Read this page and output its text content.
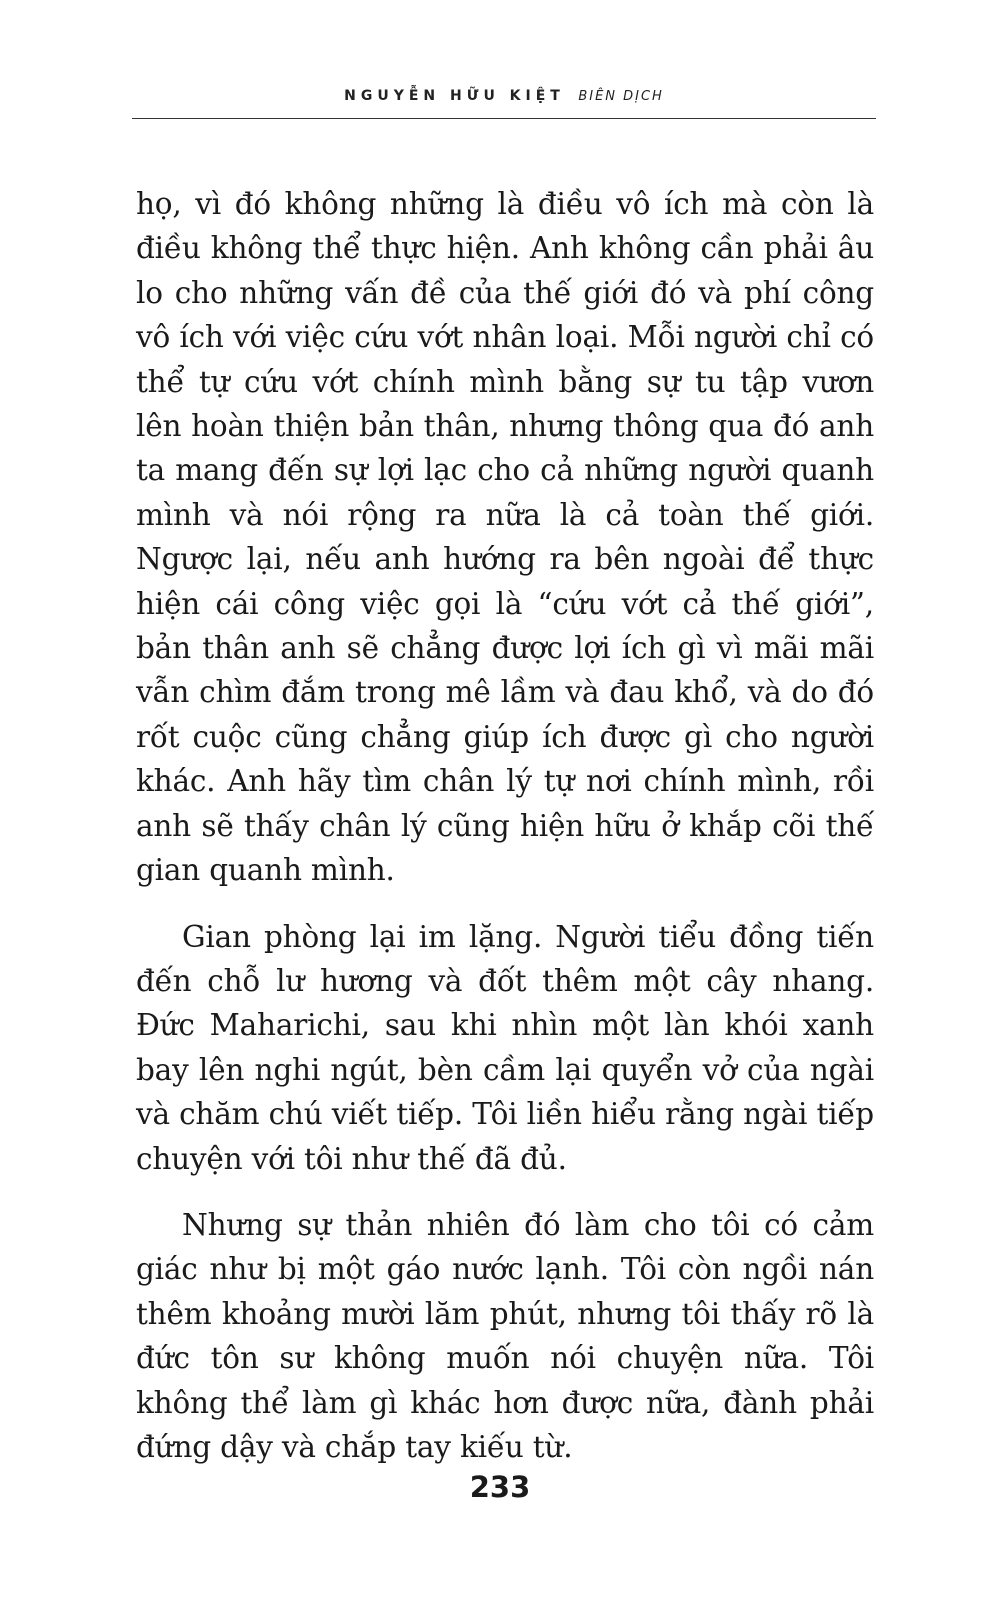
NGUYỄN HỮU KIỆT BIÊN DỊCH

họ, vì đó không những là điều vô ích mà còn là điều không thể thực hiện. Anh không cần phải âu lo cho những vấn đề của thế giới đó và phí công vô ích với việc cứu vớt nhân loại. Mỗi người chỉ có thể tự cứu vớt chính mình bằng sự tu tập vươn lên hoàn thiện bản thân, nhưng thông qua đó anh ta mang đến sự lợi lạc cho cả những người quanh mình và nói rộng ra nữa là cả toàn thế giới. Ngược lại, nếu anh hướng ra bên ngoài để thực hiện cái công việc gọi là “cứu vớt cả thế giới”, bản thân anh sẽ chẳng được lợi ích gì vì mãi mãi vẫn chìm đắm trong mê lầm và đau khổ, và do đó rốt cuộc cũng chẳng giúp ích được gì cho người khác. Anh hãy tìm chân lý tự nơi chính mình, rồi anh sẽ thấy chân lý cũng hiện hữu ở khắp cõi thế gian quanh mình.

Gian phòng lại im lặng. Người tiểu đồng tiến đến chỗ lư hương và đốt thêm một cây nhang. Đức Maharichi, sau khi nhìn một làn khói xanh bay lên nghi ngút, bèn cầm lại quyển vở của ngài và chăm chú viết tiếp. Tôi liền hiểu rằng ngài tiếp chuyện với tôi như thế đã đủ.

Nhưng sự thản nhiên đó làm cho tôi có cảm giác như bị một gáo nước lạnh. Tôi còn ngồi nán thêm khoảng mười lăm phút, nhưng tôi thấy rõ là đức tôn sư không muốn nói chuyện nữa. Tôi không thể làm gì khác hơn được nữa, đành phải đứng dậy và chắp tay kiếu từ.

233
